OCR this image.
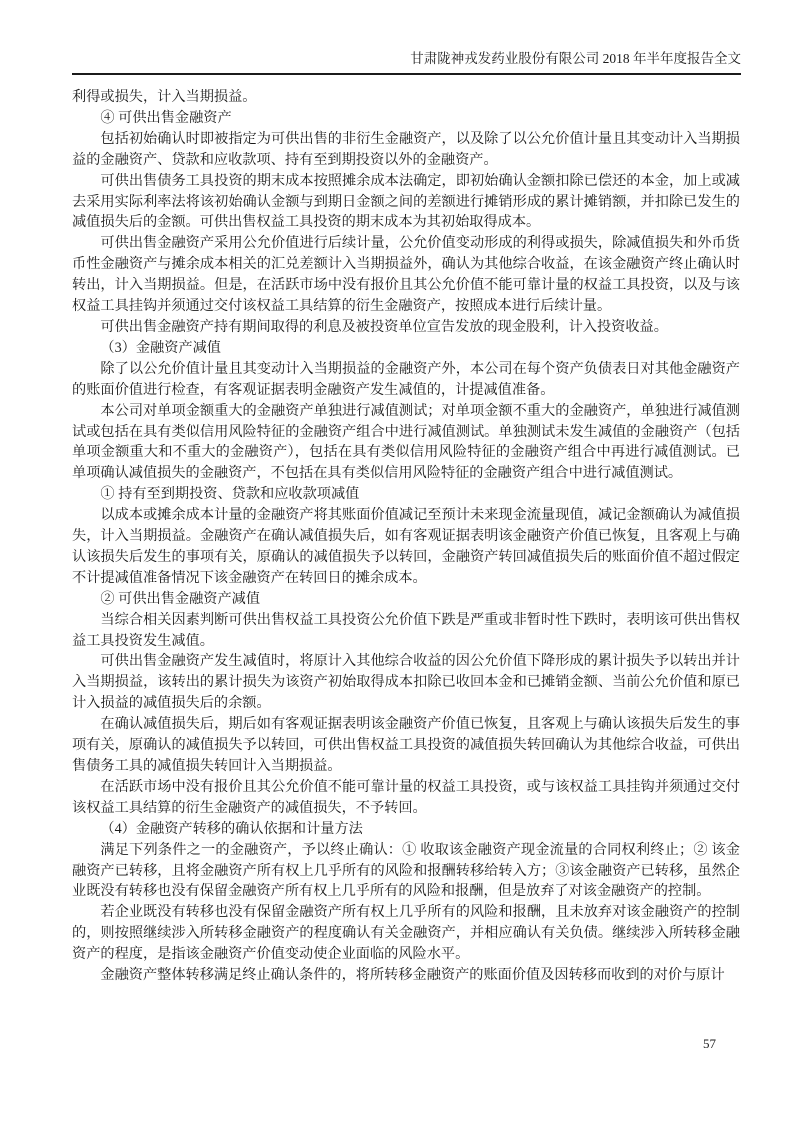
甘肃陇神戎发药业股份有限公司 2018 年半年度报告全文

利得或损失，计入当期损益。

④ 可供出售金融资产

包括初始确认时即被指定为可供出售的非衍生金融资产，以及除了以公允价值计量且其变动计入当期损益的金融资产、贷款和应收款项、持有至到期投资以外的金融资产。

可供出售债务工具投资的期末成本按照摊余成本法确定，即初始确认金额扣除已偿还的本金，加上或减去采用实际利率法将该初始确认金额与到期日金额之间的差额进行摊销形成的累计摊销额，并扣除已发生的减值损失后的金额。可供出售权益工具投资的期末成本为其初始取得成本。

可供出售金融资产采用公允价值进行后续计量，公允价值变动形成的利得或损失，除减值损失和外币货币性金融资产与摊余成本相关的汇兑差额计入当期损益外，确认为其他综合收益，在该金融资产终止确认时转出，计入当期损益。但是，在活跃市场中没有报价且其公允价值不能可靠计量的权益工具投资，以及与该权益工具挂钩并须通过交付该权益工具结算的衍生金融资产，按照成本进行后续计量。

可供出售金融资产持有期间取得的利息及被投资单位宣告发放的现金股利，计入投资收益。

（3）金融资产减值

除了以公允价值计量且其变动计入当期损益的金融资产外，本公司在每个资产负债表日对其他金融资产的账面价值进行检查，有客观证据表明金融资产发生减值的，计提减值准备。

本公司对单项金额重大的金融资产单独进行减值测试；对单项金额不重大的金融资产，单独进行减值测试或包括在具有类似信用风险特征的金融资产组合中进行减值测试。单独测试未发生减值的金融资产（包括单项金额重大和不重大的金融资产），包括在具有类似信用风险特征的金融资产组合中再进行减值测试。已单项确认减值损失的金融资产，不包括在具有类似信用风险特征的金融资产组合中进行减值测试。

① 持有至到期投资、贷款和应收款项减值

以成本或摊余成本计量的金融资产将其账面价值减记至预计未来现金流量现值，减记金额确认为减值损失，计入当期损益。金融资产在确认减值损失后，如有客观证据表明该金融资产价值已恢复，且客观上与确认该损失后发生的事项有关，原确认的减值损失予以转回，金融资产转回减值损失后的账面价值不超过假定不计提减值准备情况下该金融资产在转回日的摊余成本。

② 可供出售金融资产减值

当综合相关因素判断可供出售权益工具投资公允价值下跌是严重或非暂时性下跌时，表明该可供出售权益工具投资发生减值。

可供出售金融资产发生减值时，将原计入其他综合收益的因公允价值下降形成的累计损失予以转出并计入当期损益，该转出的累计损失为该资产初始取得成本扣除已收回本金和已摊销金额、当前公允价值和原已计入损益的减值损失后的余额。

在确认减值损失后，期后如有客观证据表明该金融资产价值已恢复，且客观上与确认该损失后发生的事项有关，原确认的减值损失予以转回，可供出售权益工具投资的减值损失转回确认为其他综合收益，可供出售债务工具的减值损失转回计入当期损益。

在活跃市场中没有报价且其公允价值不能可靠计量的权益工具投资，或与该权益工具挂钩并须通过交付该权益工具结算的衍生金融资产的减值损失，不予转回。

（4）金融资产转移的确认依据和计量方法

满足下列条件之一的金融资产，予以终止确认：① 收取该金融资产现金流量的合同权利终止；② 该金融资产已转移，且将金融资产所有权上几乎所有的风险和报酬转移给转入方；③该金融资产已转移，虽然企业既没有转移也没有保留金融资产所有权上几乎所有的风险和报酬，但是放弃了对该金融资产的控制。

若企业既没有转移也没有保留金融资产所有权上几乎所有的风险和报酬，且未放弃对该金融资产的控制的，则按照继续涉入所转移金融资产的程度确认有关金融资产，并相应确认有关负债。继续涉入所转移金融资产的程度，是指该金融资产价值变动使企业面临的风险水平。

金融资产整体转移满足终止确认条件的，将所转移金融资产的账面价值及因转移而收到的对价与原计

57
